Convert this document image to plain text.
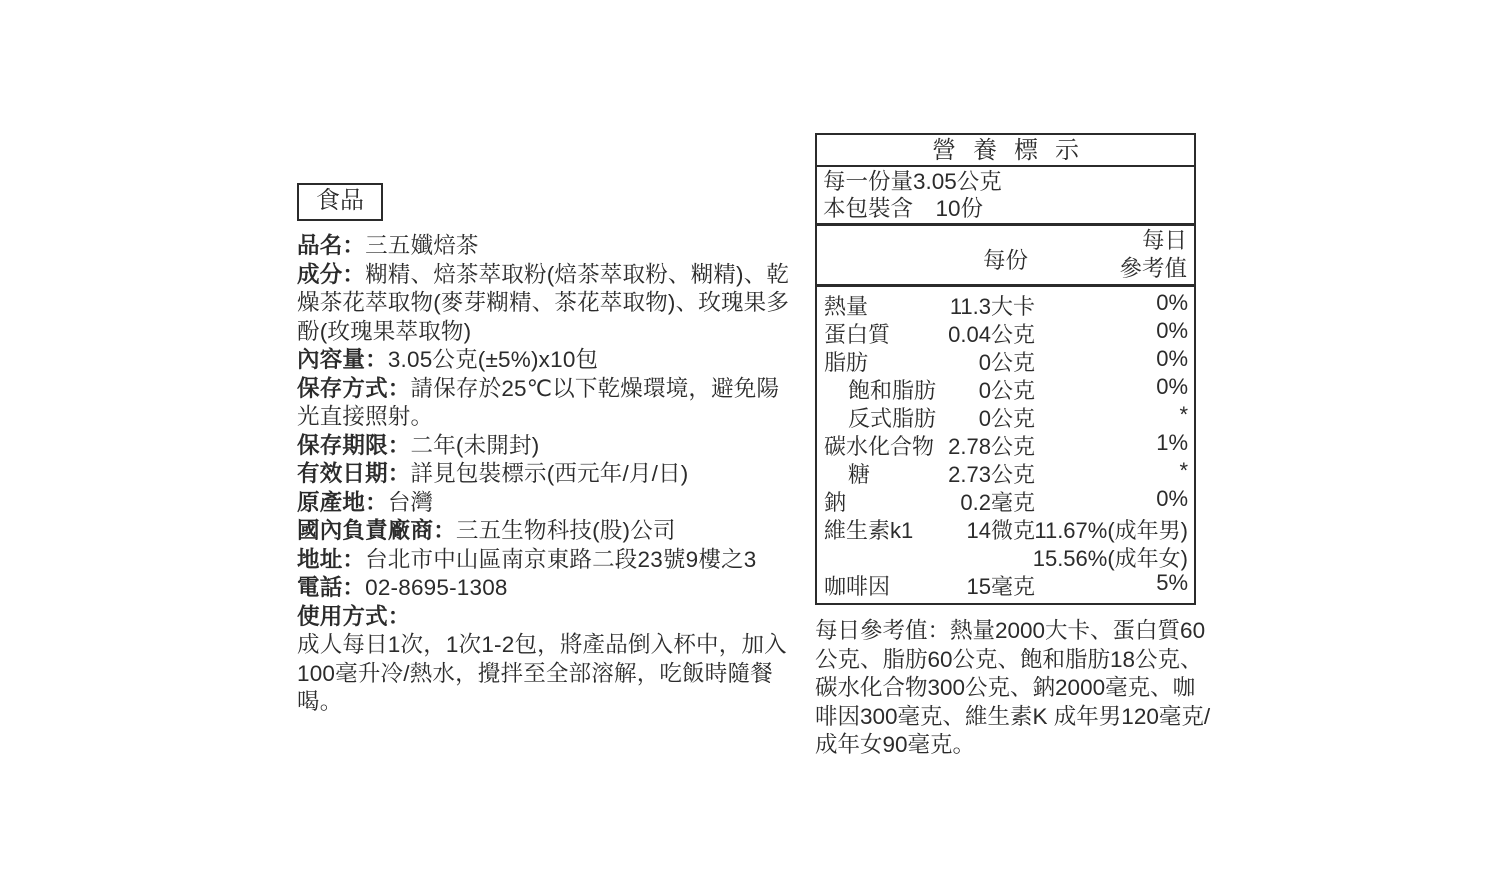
食品

品名：三五孅焙茶

成分：糊精、焙茶萃取粉(焙茶萃取粉、糊精)、乾燥茶花萃取物(麥芽糊精、茶花萃取物)、玫瑰果多酚(玫瑰果萃取物)

內容量：3.05公克(±5%)x10包

保存方式：請保存於25℃以下乾燥環境，避免陽光直接照射。

保存期限：二年(未開封)

有效日期：詳見包裝標示(西元年/月/日)

原產地：台灣

國內負責廠商：三五生物科技(股)公司

地址：台北市中山區南京東路二段23號9樓之3

電話：02-8695-1308

使用方式：

成人每日1次，1次1-2包，將產品倒入杯中，加入100毫升冷/熱水，攪拌至全部溶解，吃飯時隨餐喝。

營養標示
每一份量3.05公克
本包裝含　10份
每份
每日
參考值
熱量	11.3大卡	0%
蛋白質	0.04公克	0%
脂肪	0公克	0%
飽和脂肪 0公克	0%
反式脂肪 0公克	*
碳水化合物 2.78公克	1%
糖	2.73公克	*
鈉	0.2毫克	0%
維生素k1 14微克 11.67%(成年男)
15.56%(成年女)
咖啡因	15毫克	5%
每日參考值：熱量2000大卡、蛋白質60公克、脂肪60公克、飽和脂肪18公克、碳水化合物300公克、鈉2000毫克、咖啡因300毫克、維生素K 成年男120毫克/成年女90毫克。
